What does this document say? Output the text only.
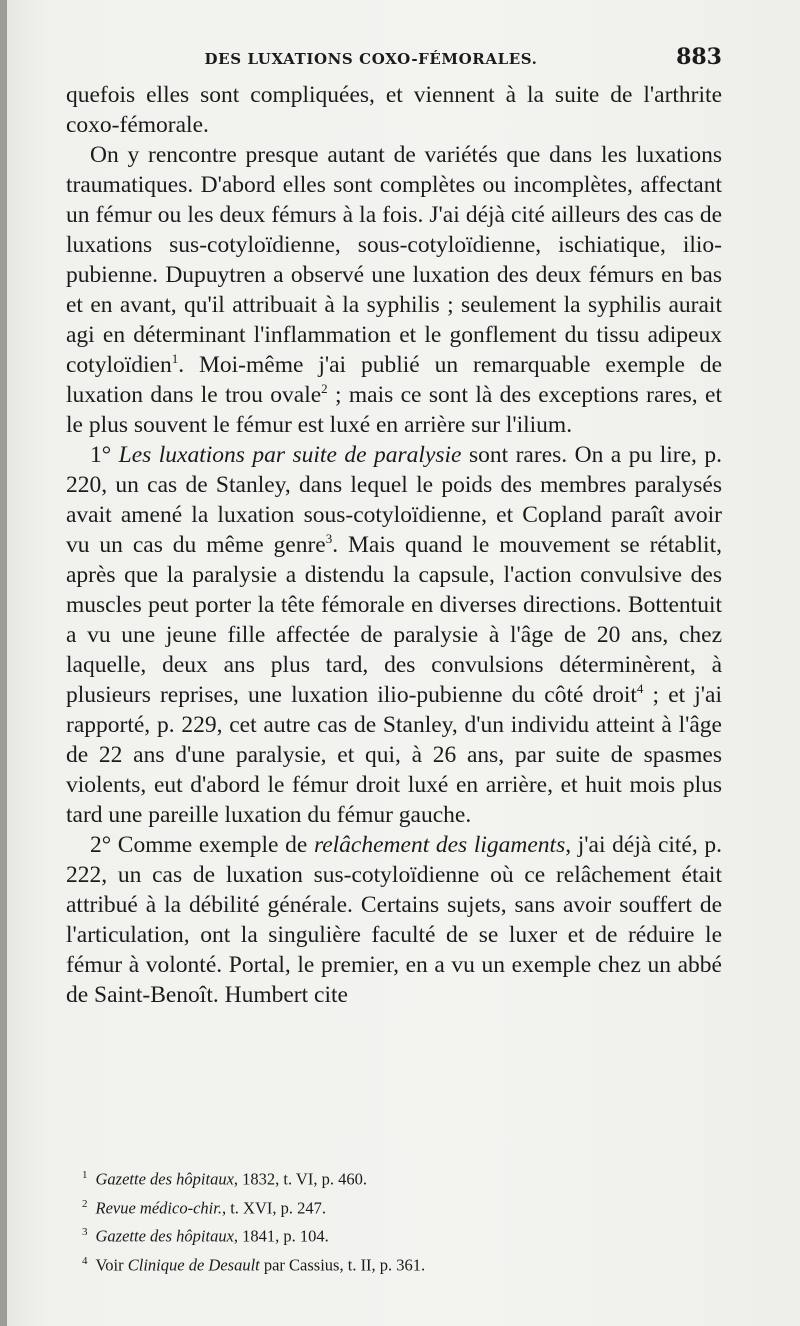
DES LUXATIONS COXO-FÉMORALES.	883

quefois elles sont compliquées, et viennent à la suite de l'arthrite coxo-fémorale.

On y rencontre presque autant de variétés que dans les luxations traumatiques. D'abord elles sont complètes ou incomplètes, affectant un fémur ou les deux fémurs à la fois. J'ai déjà cité ailleurs des cas de luxations sus-cotyloïdienne, sous-cotyloïdienne, ischiatique, ilio-pubienne. Dupuytren a observé une luxation des deux fémurs en bas et en avant, qu'il attribuait à la syphilis ; seulement la syphilis aurait agi en déterminant l'inflammation et le gonflement du tissu adipeux cotyloïdien$^1$. Moi-même j'ai publié un remarquable exemple de luxation dans le trou ovale$^2$ ; mais ce sont là des exceptions rares, et le plus souvent le fémur est luxé en arrière sur l'ilium.

1° Les luxations par suite de paralysie sont rares. On a pu lire, p. 220, un cas de Stanley, dans lequel le poids des membres paralysés avait amené la luxation sous-cotyloïdienne, et Copland paraît avoir vu un cas du même genre$^3$. Mais quand le mouvement se rétablit, après que la paralysie a distendu la capsule, l'action convulsive des muscles peut porter la tête fémorale en diverses directions. Bottentuit a vu une jeune fille affectée de paralysie à l'âge de 20 ans, chez laquelle, deux ans plus tard, des convulsions déterminèrent, à plusieurs reprises, une luxation ilio-pubienne du côté droit$^4$ ; et j'ai rapporté, p. 229, cet autre cas de Stanley, d'un individu atteint à l'âge de 22 ans d'une paralysie, et qui, à 26 ans, par suite de spasmes violents, eut d'abord le fémur droit luxé en arrière, et huit mois plus tard une pareille luxation du fémur gauche.

2° Comme exemple de relâchement des ligaments, j'ai déjà cité, p. 222, un cas de luxation sus-cotyloïdienne où ce relâchement était attribué à la débilité générale. Certains sujets, sans avoir souffert de l'articulation, ont la singulière faculté de se luxer et de réduire le fémur à volonté. Portal, le premier, en a vu un exemple chez un abbé de Saint-Benoît. Humbert cite

$^1$ Gazette des hôpitaux, 1832, t. VI, p. 460.
$^2$ Revue médico-chir., t. XVI, p. 247.
$^3$ Gazette des hôpitaux, 1841, p. 104.
$^4$ Voir Clinique de Desault par Cassius, t. II, p. 361.
